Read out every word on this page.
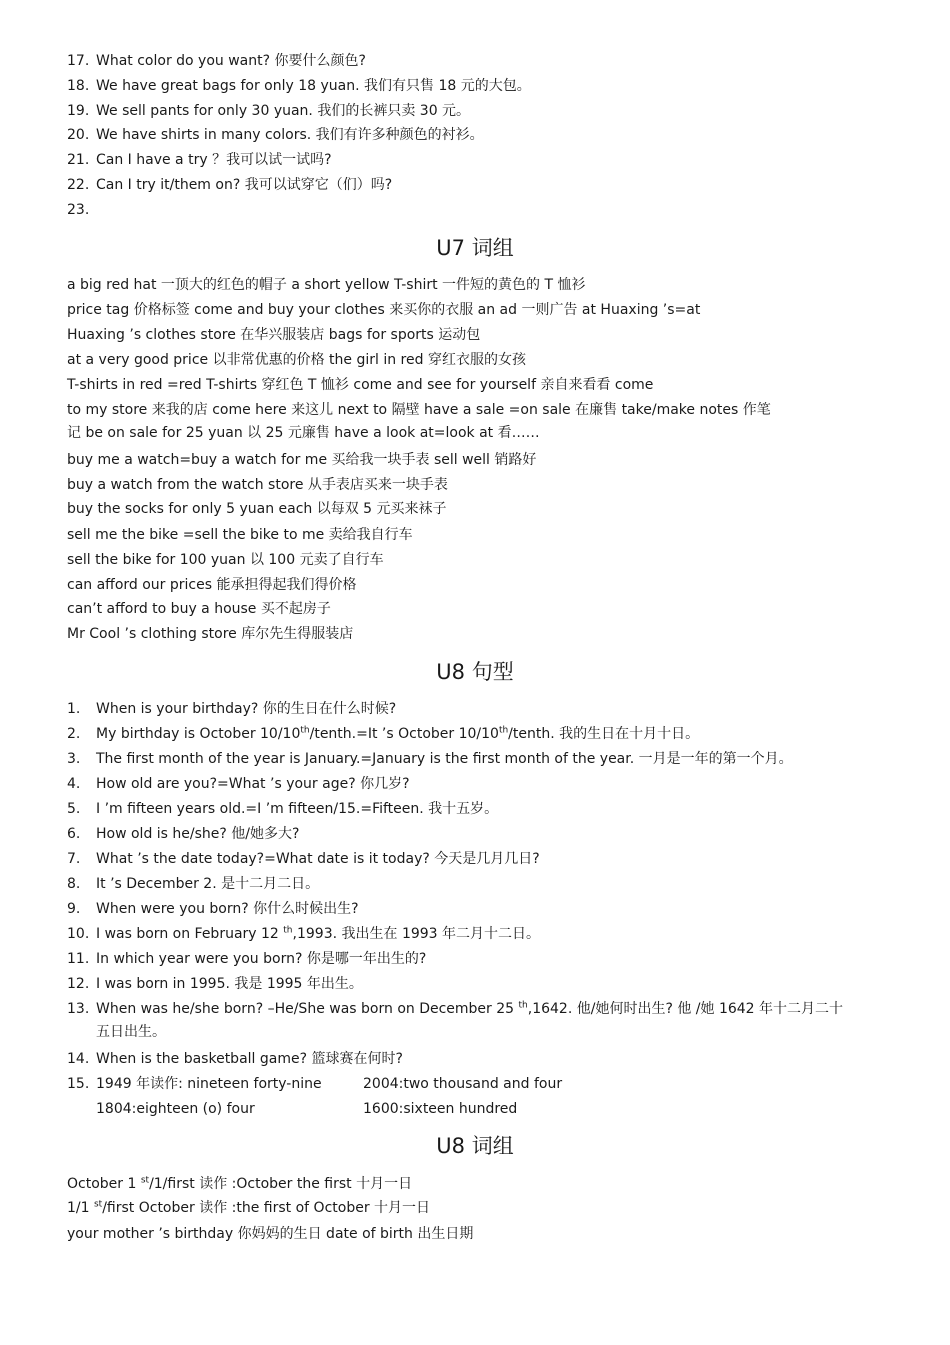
17. What color do you want? 你要什么颜色?
18. We have great bags for only 18 yuan. 我们有只售 18 元的大包。
19. We sell pants for only 30 yuan. 我们的长裤只卖 30 元。
20. We have shirts in many colors. 我们有许多种颜色的衬衫。
21. Can I have a try ？我可以试一试吗?
22. Can I try it/them on? 我可以试穿它（们）吗?
23.
U7 词组
a big red hat 一顶大的红色的帽子 a short yellow T-shirt 一件短的黄色的 T 恤衫
price tag 价格标签 come and buy your clothes 来买你的衣服 an ad 一则广告 at Huaxing ’s=at
Huaxing ’s clothes store 在华兴服装店 bags for sports 运动包
at a very good price 以非常优惠的价格 the girl in red 穿红衣服的女孩
T-shirts in red =red T-shirts 穿红色 T 恤衫 come and see for yourself 亲自来看看 come
to my store 来我的店 come here 来这儿 next to 隔壁 have a sale =on sale 在廉售 take/make notes 作笔
记 be on sale for 25 yuan 以 25 元廉售 have a look at=look at 看……
buy me a watch=buy a watch for me 买给我一块手表 sell well 销路好
buy a watch from the watch store 从手表店买来一块手表
buy the socks for only 5 yuan each 以每双 5 元买来袜子
sell me the bike =sell the bike to me 卖给我自行车
sell the bike for 100 yuan 以 100 元卖了自行车
can afford our prices 能承担得起我们得价格
can’t afford to buy a house 买不起房子
Mr Cool ’s clothing store 库尔先生得服装店
U8 句型
1. When is your birthday? 你的生日在什么时候?
2. My birthday is October 10/10th/tenth.=It ’s October 10/10th/tenth. 我的生日在十月十日。
3. The first month of the year is January.=January is the first month of the year. 一月是一年的第一个月。
4. How old are you?=What ’s your age? 你几岁?
5. I ’m fifteen years old.=I ’m fifteen/15.=Fifteen. 我十五岁。
6. How old is he/she? 他/她多大?
7. What ’s the date today?=What date is it today? 今天是几月几日?
8. It ’s December 2. 是十二月二日。
9. When were you born? 你什么时候出生?
10. I was born on February 12 $^{th}$,1993. 我出生在 1993 年二月十二日。
11. In which year were you born? 你是哪一年出生的?
12. I was born in 1995. 我是 1995 年出生。
13. When was he/she born? –He/She was born on December 25 $^{th}$,1642. 他/她何时出生? 他 /她 1642 年十二月二十
五日出生。
14. When is the basketball game? 篮球赛在何时?
15. 1949 年读作: nineteen forty-nine	2004:two thousand and four
1804:eighteen (o) four	1600:sixteen hundred
U8 词组
October 1 $^{st}$/1/first 读作 :October the first 十月一日
1/1 $^{st}$/first October 读作 :the first of October 十月一日
your mother ’s birthday 你妈妈的生日 date of birth 出生日期
